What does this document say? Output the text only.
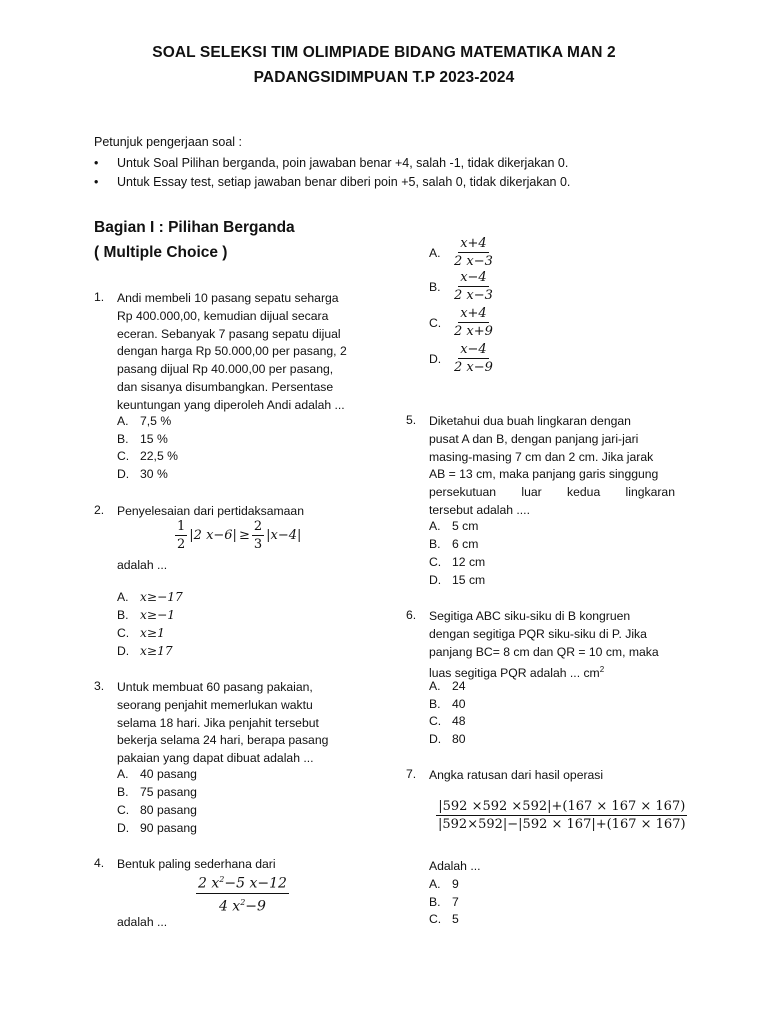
SOAL SELEKSI TIM OLIMPIADE BIDANG MATEMATIKA MAN 2
PADANGSIDIMPUAN T.P 2023-2024
Petunjuk pengerjaan soal :
•	Untuk Soal Pilihan berganda, poin jawaban benar +4, salah -1, tidak dikerjakan 0.
•	Untuk Essay test, setiap jawaban benar diberi poin +5, salah 0, tidak dikerjakan 0.
Bagian I : Pilihan Berganda
( Multiple Choice )
1.	Andi membeli 10 pasang sepatu seharga
Rp 400.000,00, kemudian dijual secara
eceran. Sebanyak 7 pasang sepatu dijual
dengan harga Rp 50.000,00 per pasang, 2
pasang dijual Rp 40.000,00 per pasang,
dan sisanya disumbangkan. Persentase
keuntungan yang diperoleh Andi adalah ...
A. 7,5 %
B. 15 %
C. 22,5 %
D. 30 %
2.	Penyelesaian dari pertidaksamaan
$\frac{1}{2} |2$ $x-6| \ge \frac{2}{3} |x-4|$
adalah ...
A. x≥−17
B. x≥−1
C. x≥1
D. x≥17
3.	Untuk membuat 60 pasang pakaian,
seorang penjahit memerlukan waktu
selama 18 hari. Jika penjahit tersebut
bekerja selama 24 hari, berapa pasang
pakaian yang dapat dibuat adalah ...
A. 40 pasang
B. 75 pasang
C. 80 pasang
D. 90 pasang
4.	Bentuk paling sederhana dari
$\frac{2 x^2-5 x-12}{4 x^2-9}$
adalah ...
A. $\frac{x+4}{2 x-3}$
B. $\frac{x-4}{2 x-3}$
C. $\frac{x+4}{2 x+9}$
D. $\frac{x-4}{2 x-9}$
5.	Diketahui dua buah lingkaran dengan
pusat A dan B, dengan panjang jari-jari
masing-masing 7 cm dan 2 cm. Jika jarak
AB = 13 cm, maka panjang garis singgung
persekutuan luar kedua lingkaran
tersebut adalah ....
A. 5 cm
B. 6 cm
C. 12 cm
D. 15 cm
6.	Segitiga ABC siku-siku di B kongruen
dengan segitiga PQR siku-siku di P. Jika
panjang BC= 8 cm dan QR = 10 cm, maka
luas segitiga PQR adalah ... $cm^2$
A. 24
B. 40
C. 48
D. 80
7.	Angka ratusan dari hasil operasi
$\frac{|592 \times 592 \times 592|+(167 \times 167 \times 167)}{|592\times 592|-|592 \times 167|+(167 \times 167)}$
Adalah ...
A. 9
B. 7
C. 5
